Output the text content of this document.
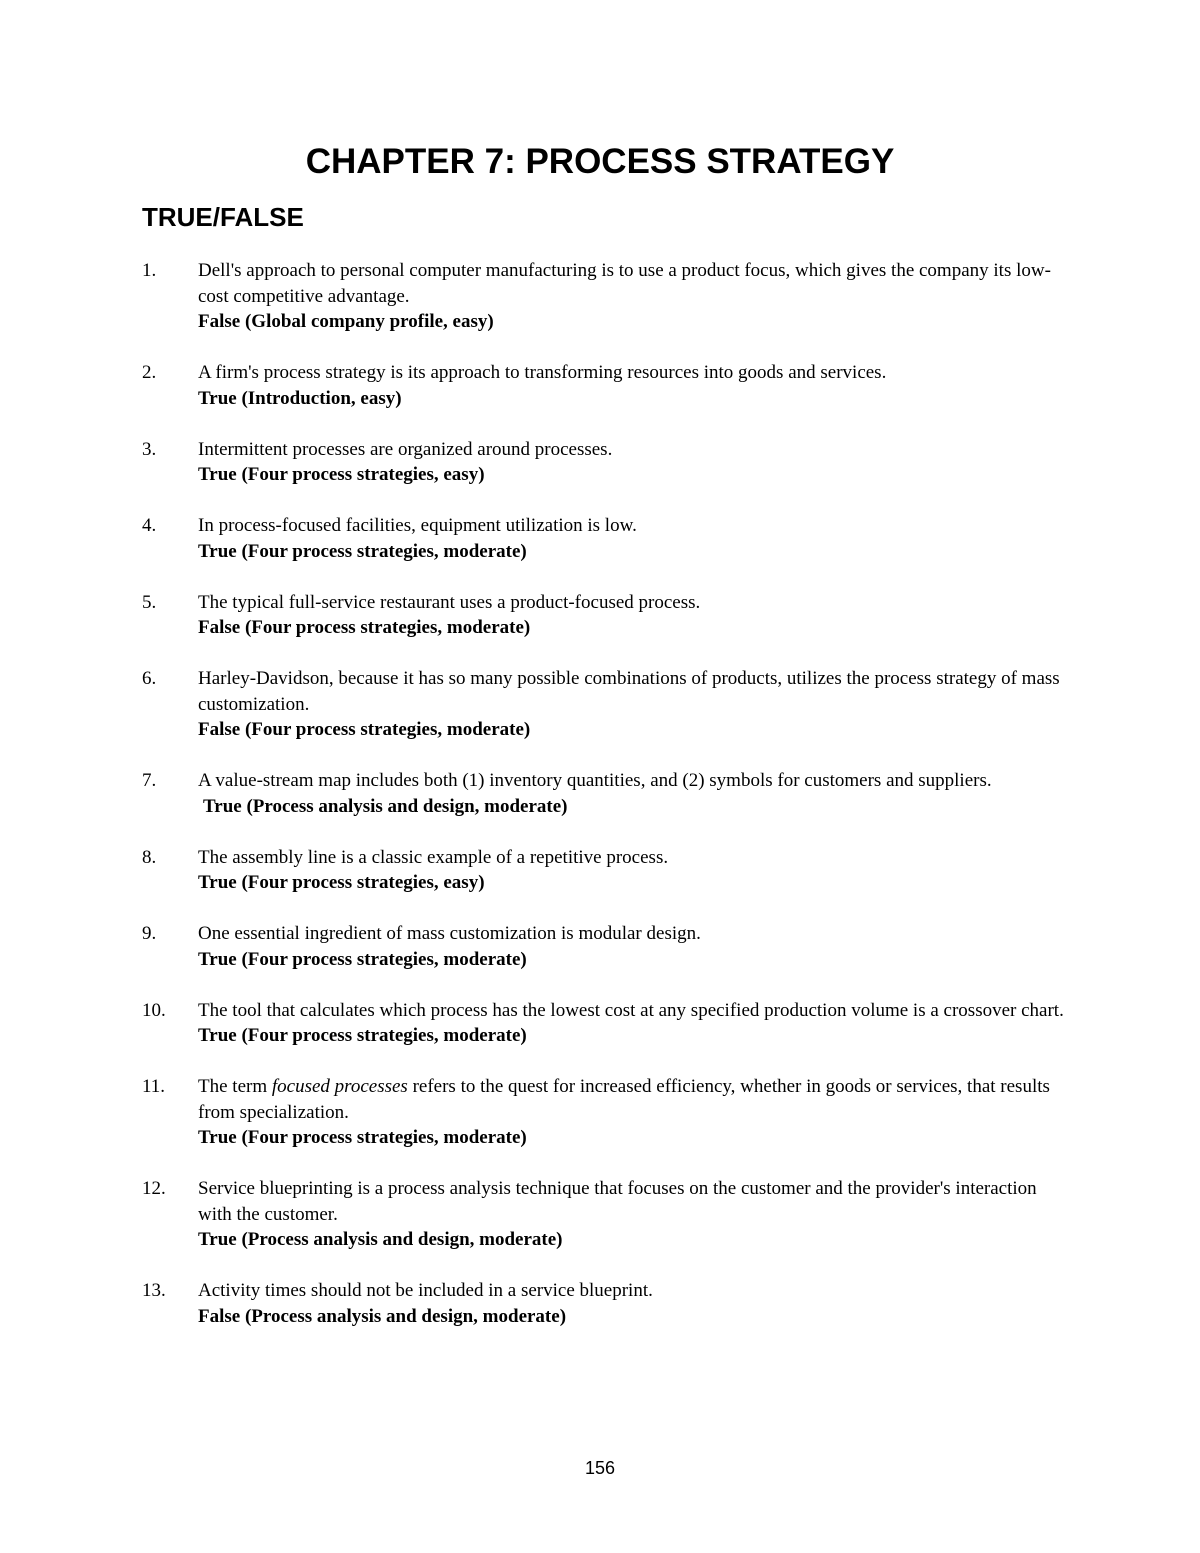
CHAPTER 7: PROCESS STRATEGY
TRUE/FALSE
1. Dell's approach to personal computer manufacturing is to use a product focus, which gives the company its low-cost competitive advantage.
False (Global company profile, easy)
2. A firm's process strategy is its approach to transforming resources into goods and services.
True (Introduction, easy)
3. Intermittent processes are organized around processes.
True (Four process strategies, easy)
4. In process-focused facilities, equipment utilization is low.
True (Four process strategies, moderate)
5. The typical full-service restaurant uses a product-focused process.
False (Four process strategies, moderate)
6. Harley-Davidson, because it has so many possible combinations of products, utilizes the process strategy of mass customization.
False (Four process strategies, moderate)
7. A value-stream map includes both (1) inventory quantities, and (2) symbols for customers and suppliers.
True (Process analysis and design, moderate)
8. The assembly line is a classic example of a repetitive process.
True (Four process strategies, easy)
9. One essential ingredient of mass customization is modular design.
True (Four process strategies, moderate)
10. The tool that calculates which process has the lowest cost at any specified production volume is a crossover chart.
True (Four process strategies, moderate)
11. The term focused processes refers to the quest for increased efficiency, whether in goods or services, that results from specialization.
True (Four process strategies, moderate)
12. Service blueprinting is a process analysis technique that focuses on the customer and the provider's interaction with the customer.
True (Process analysis and design, moderate)
13. Activity times should not be included in a service blueprint.
False (Process analysis and design, moderate)
156
